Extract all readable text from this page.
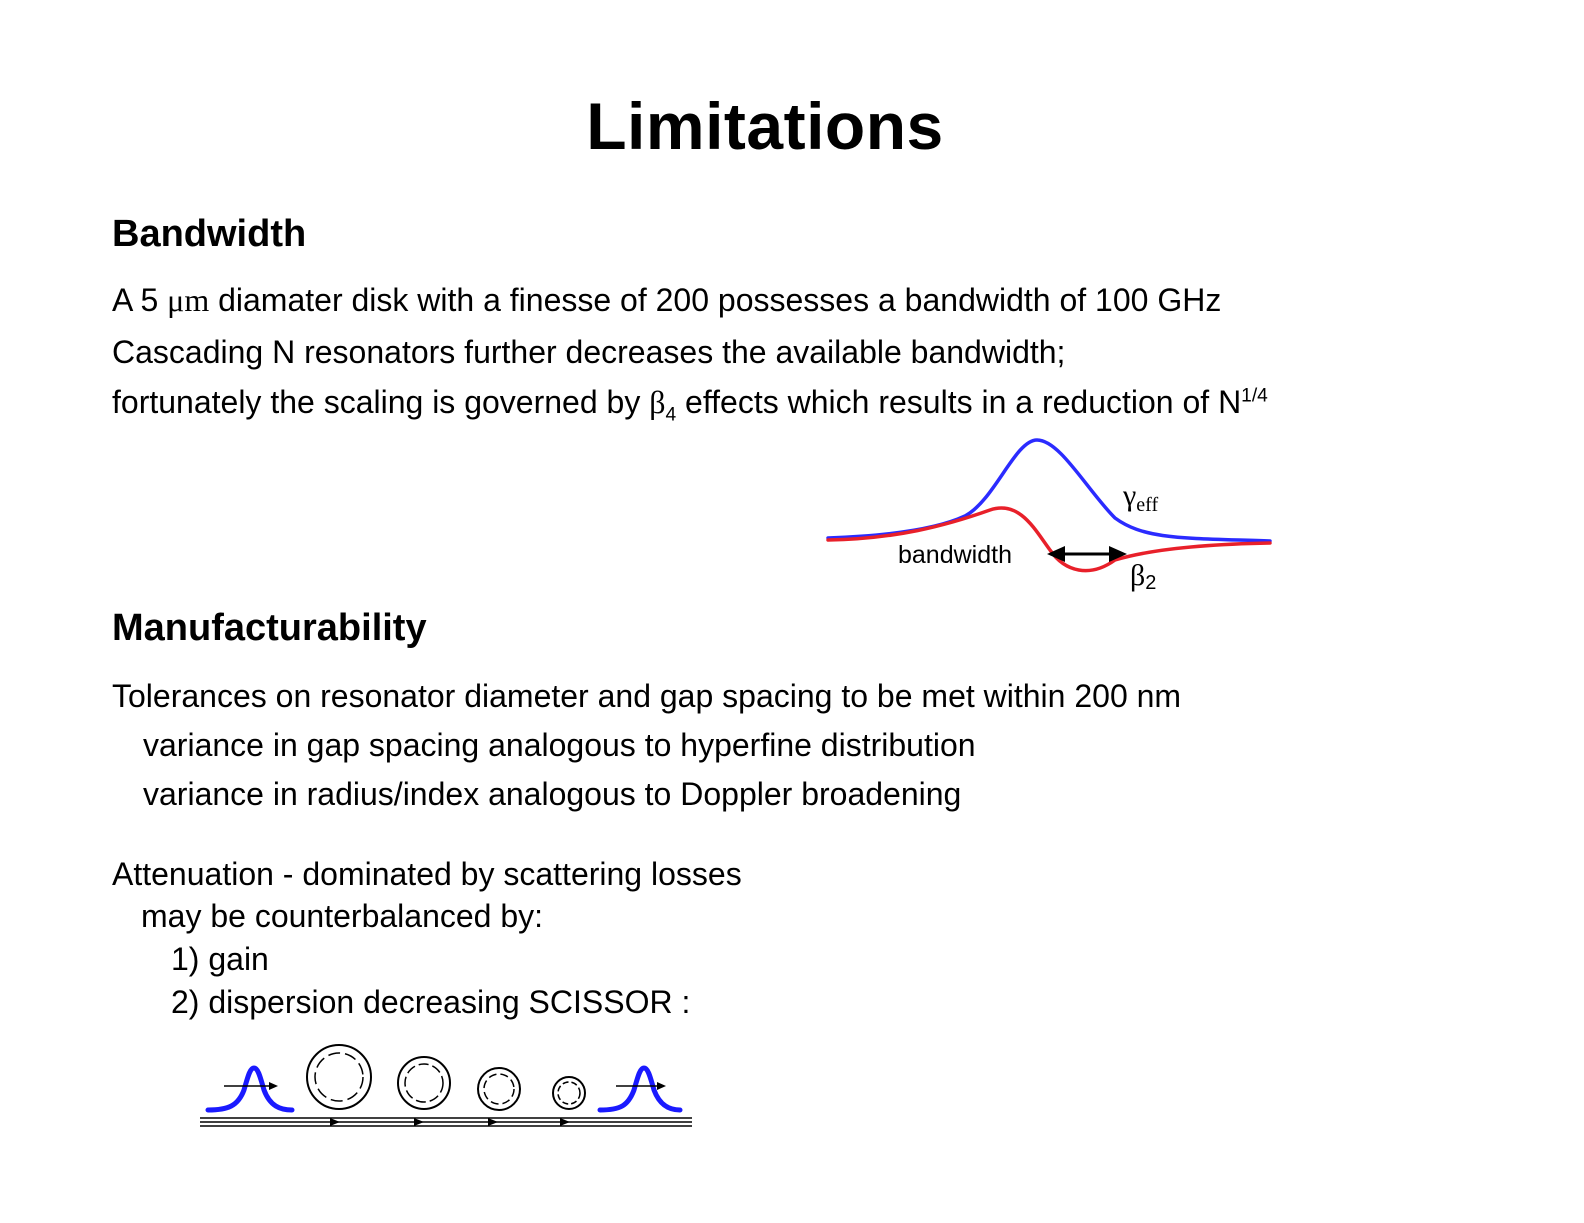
Limitations
Bandwidth
A 5 μm diamater disk with a finesse of 200 possesses a bandwidth of 100 GHz
Cascading N resonators further decreases the available bandwidth;
fortunately the scaling is governed by $\beta_4$ effects which results in a reduction of $N^{1/4}$
bandwidth
$\gamma_{eff}$
β2
Manufacturability
Tolerances on resonator diameter and gap spacing to be met within 200 nm
variance in gap spacing analogous to hyperfine distribution
variance in radius/index analogous to Doppler broadening
Attenuation - dominated by scattering losses
may be counterbalanced by:
1) gain
2) dispersion decreasing SCISSOR :
